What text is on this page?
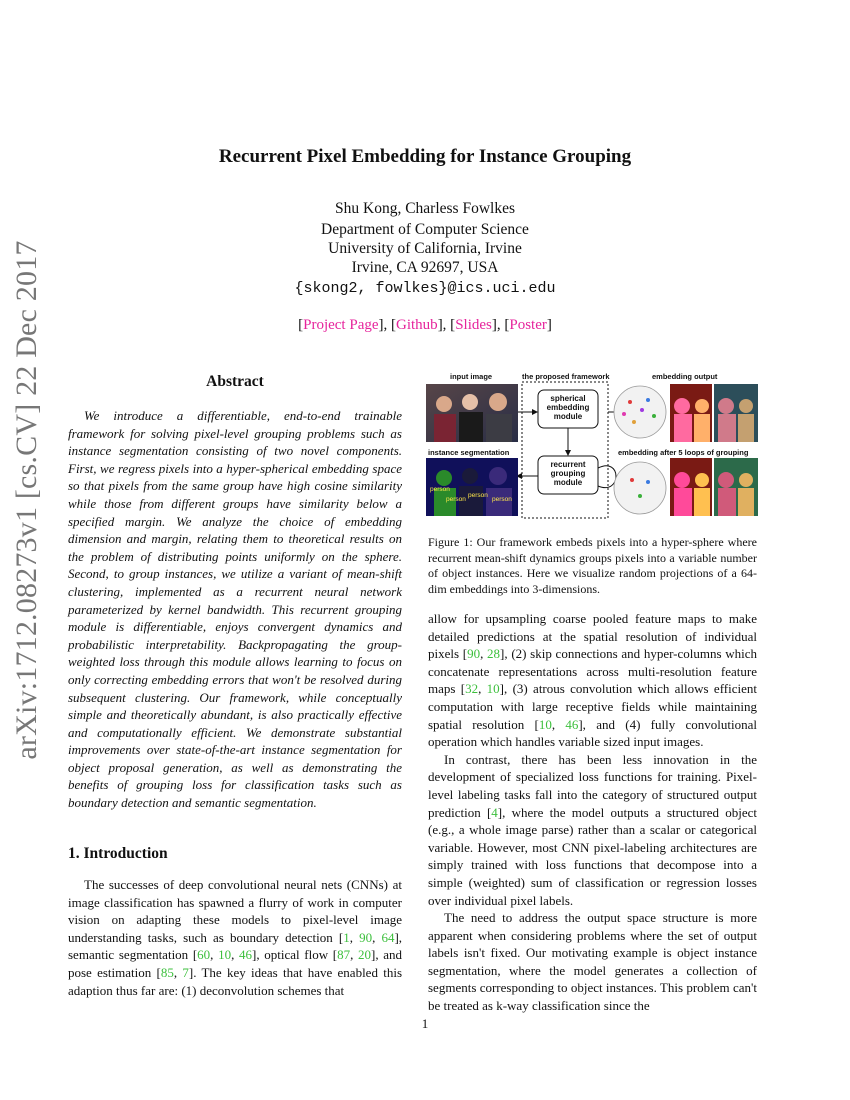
arXiv:1712.08273v1 [cs.CV] 22 Dec 2017
Recurrent Pixel Embedding for Instance Grouping
Shu Kong, Charless Fowlkes
Department of Computer Science
University of California, Irvine
Irvine, CA 92697, USA
{skong2, fowlkes}@ics.uci.edu
[Project Page], [Github], [Slides], [Poster]
Abstract
We introduce a differentiable, end-to-end trainable framework for solving pixel-level grouping problems such as instance segmentation consisting of two novel components. First, we regress pixels into a hyper-spherical embedding space so that pixels from the same group have high cosine similarity while those from different groups have similarity below a specified margin. We analyze the choice of embedding dimension and margin, relating them to theoretical results on the problem of distributing points uniformly on the sphere. Second, to group instances, we utilize a variant of mean-shift clustering, implemented as a recurrent neural network parameterized by kernel bandwidth. This recurrent grouping module is differentiable, enjoys convergent dynamics and probabilistic interpretability. Backpropagating the group-weighted loss through this module allows learning to focus on only correcting embedding errors that won't be resolved during subsequent clustering. Our framework, while conceptually simple and theoretically abundant, is also practically effective and computationally efficient. We demonstrate substantial improvements over state-of-the-art instance segmentation for object proposal generation, as well as demonstrating the benefits of grouping loss for classification tasks such as boundary detection and semantic segmentation.
1. Introduction
The successes of deep convolutional neural nets (CNNs) at image classification has spawned a flurry of work in computer vision on adapting these models to pixel-level image understanding tasks, such as boundary detection [1, 90, 64], semantic segmentation [60, 10, 46], optical flow [87, 20], and pose estimation [85, 7]. The key ideas that have enabled this adaption thus far are: (1) deconvolution schemes that
input image	the proposed framework	embedding output
instance segmentation	embedding after 5 loops of grouping
spherical
embedding
module
recurrent
grouping
module
person
person
person
person
Figure 1: Our framework embeds pixels into a hyper-sphere where recurrent mean-shift dynamics groups pixels into a variable number of object instances. Here we visualize random projections of a 64-dim embeddings into 3-dimensions.

allow for upsampling coarse pooled feature maps to make detailed predictions at the spatial resolution of individual pixels [90, 28], (2) skip connections and hyper-columns which concatenate representations across multi-resolution feature maps [32, 10], (3) atrous convolution which allows efficient computation with large receptive fields while maintaining spatial resolution [10, 46], and (4) fully convolutional operation which handles variable sized input images.

In contrast, there has been less innovation in the development of specialized loss functions for training. Pixel-level labeling tasks fall into the category of structured output prediction [4], where the model outputs a structured object (e.g., a whole image parse) rather than a scalar or categorical variable. However, most CNN pixel-labeling architectures are simply trained with loss functions that decompose into a simple (weighted) sum of classification or regression losses over individual pixel labels.

The need to address the output space structure is more apparent when considering problems where the set of output labels isn't fixed. Our motivating example is object instance segmentation, where the model generates a collection of segments corresponding to object instances. This problem can't be treated as k-way classification since the

1
